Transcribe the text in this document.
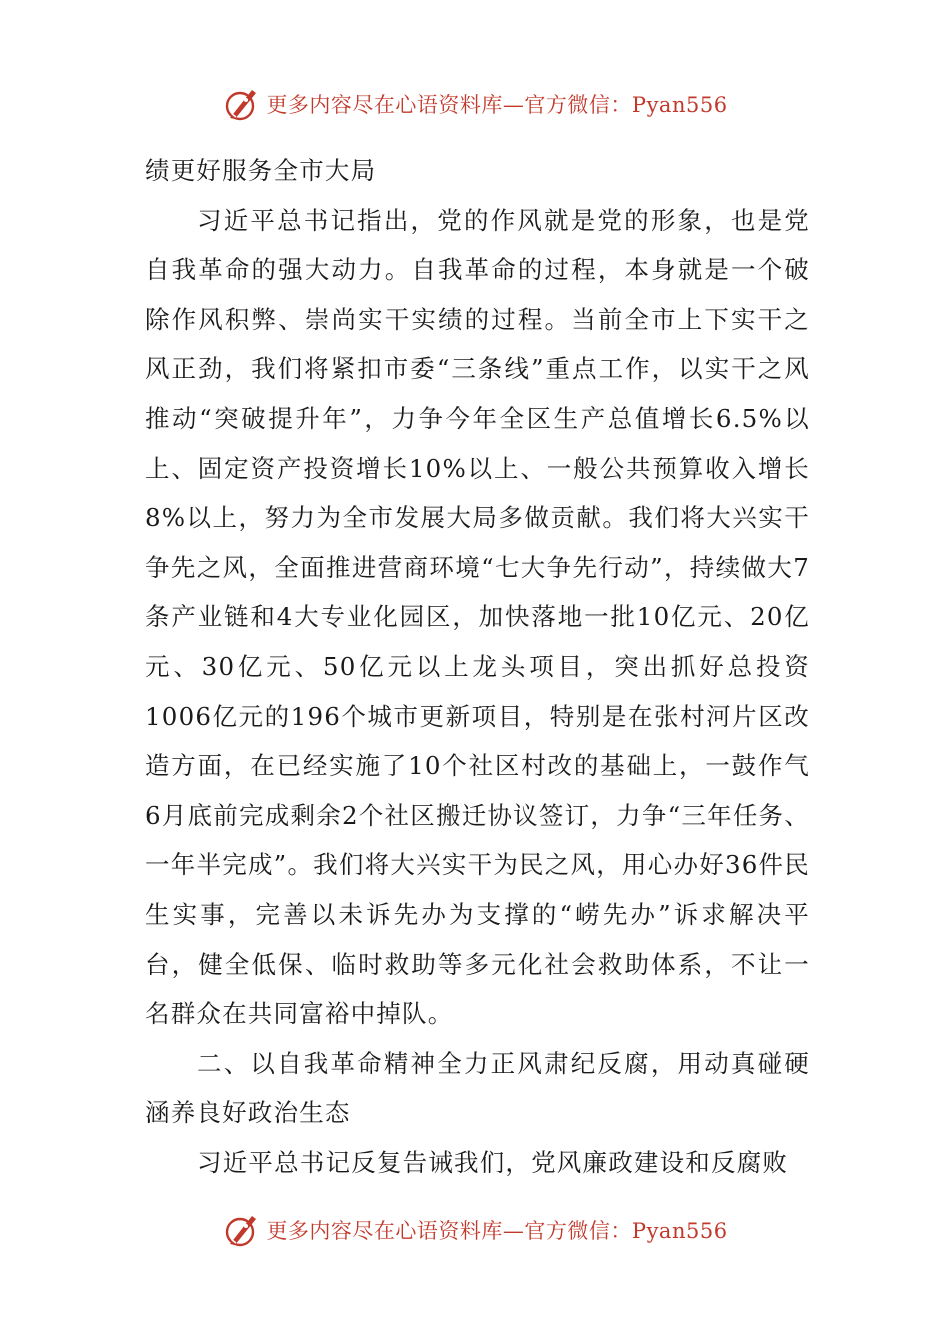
更多内容尽在心语资料库—官方微信：Pyan556

绩更好服务全市大局

习近平总书记指出，党的作风就是党的形象，也是党自我革命的强大动力。自我革命的过程，本身就是一个破除作风积弊、崇尚实干实绩的过程。当前全市上下实干之风正劲，我们将紧扣市委“三条线”重点工作，以实干之风推动“突破提升年”，力争今年全区生产总值增长6.5%以上、固定资产投资增长10%以上、一般公共预算收入增长8%以上，努力为全市发展大局多做贡献。我们将大兴实干争先之风，全面推进营商环境“七大争先行动”，持续做大7条产业链和4大专业化园区，加快落地一批10亿元、20亿元、30亿元、50亿元以上龙头项目，突出抓好总投资1006亿元的196个城市更新项目，特别是在张村河片区改造方面，在已经实施了10个社区村改的基础上，一鼓作气6月底前完成剩余2个社区搬迁协议签订，力争“三年任务、一年半完成”。我们将大兴实干为民之风，用心办好36件民生实事，完善以未诉先办为支撑的“崂先办”诉求解决平台，健全低保、临时救助等多元化社会救助体系，不让一名群众在共同富裕中掉队。

二、以自我革命精神全力正风肃纪反腐，用动真碰硬涵养良好政治生态

习近平总书记反复告诫我们，党风廉政建设和反腐败

更多内容尽在心语资料库—官方微信：Pyan556
